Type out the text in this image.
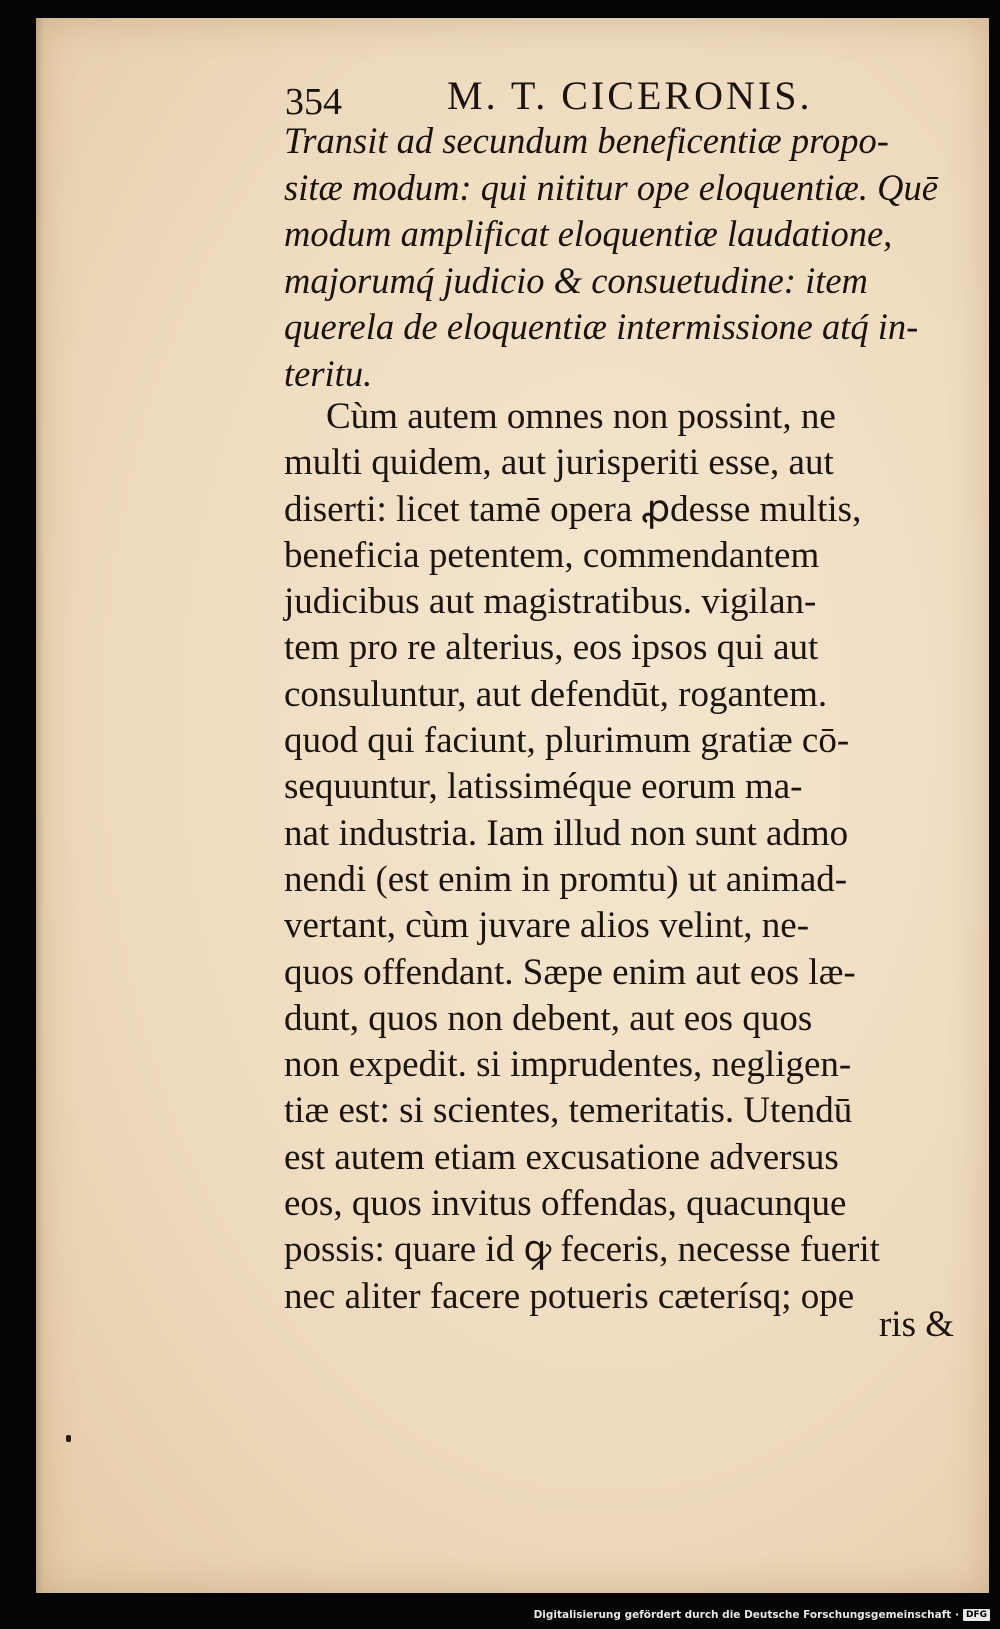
354	M. T. CICERONIS.
Transit ad secundum beneficentiæ propo-
sitæ modum: qui nititur ope eloquentiæ. Quē
modum amplificat eloquentiæ laudatione,
majorumq́ judicio & consuetudine: item
querela de eloquentiæ intermissione atq́ in-
teritu.
Cùm autem omnes non possint, ne
multi quidem, aut jurisperiti esse, aut
diserti: licet tamē opera ꝓdesse multis,
beneficia petentem, commendantem
judicibus aut magistratibus. vigilan-
tem pro re alterius, eos ipsos qui aut
consuluntur, aut defendūt, rogantem.
quod qui faciunt, plurimum gratiæ cō-
sequuntur, latissiméque eorum ma-
nat industria. Iam illud non sunt admo
nendi (est enim in promtu) ut animad-
vertant, cùm juvare alios velint, ne-
quos offendant. Sæpe enim aut eos læ-
dunt, quos non debent, aut eos quos
non expedit. si imprudentes, negligen-
tiæ est: si scientes, temeritatis. Utendū
est autem etiam excusatione adversus
eos, quos invitus offendas, quacunque
possis: quare id ꝙ feceris, necesse fuerit
nec aliter facere potueris cæterísq; ope
ris &
Digitalisierung gefördert durch die Deutsche Forschungsgemeinschaft · DFG
